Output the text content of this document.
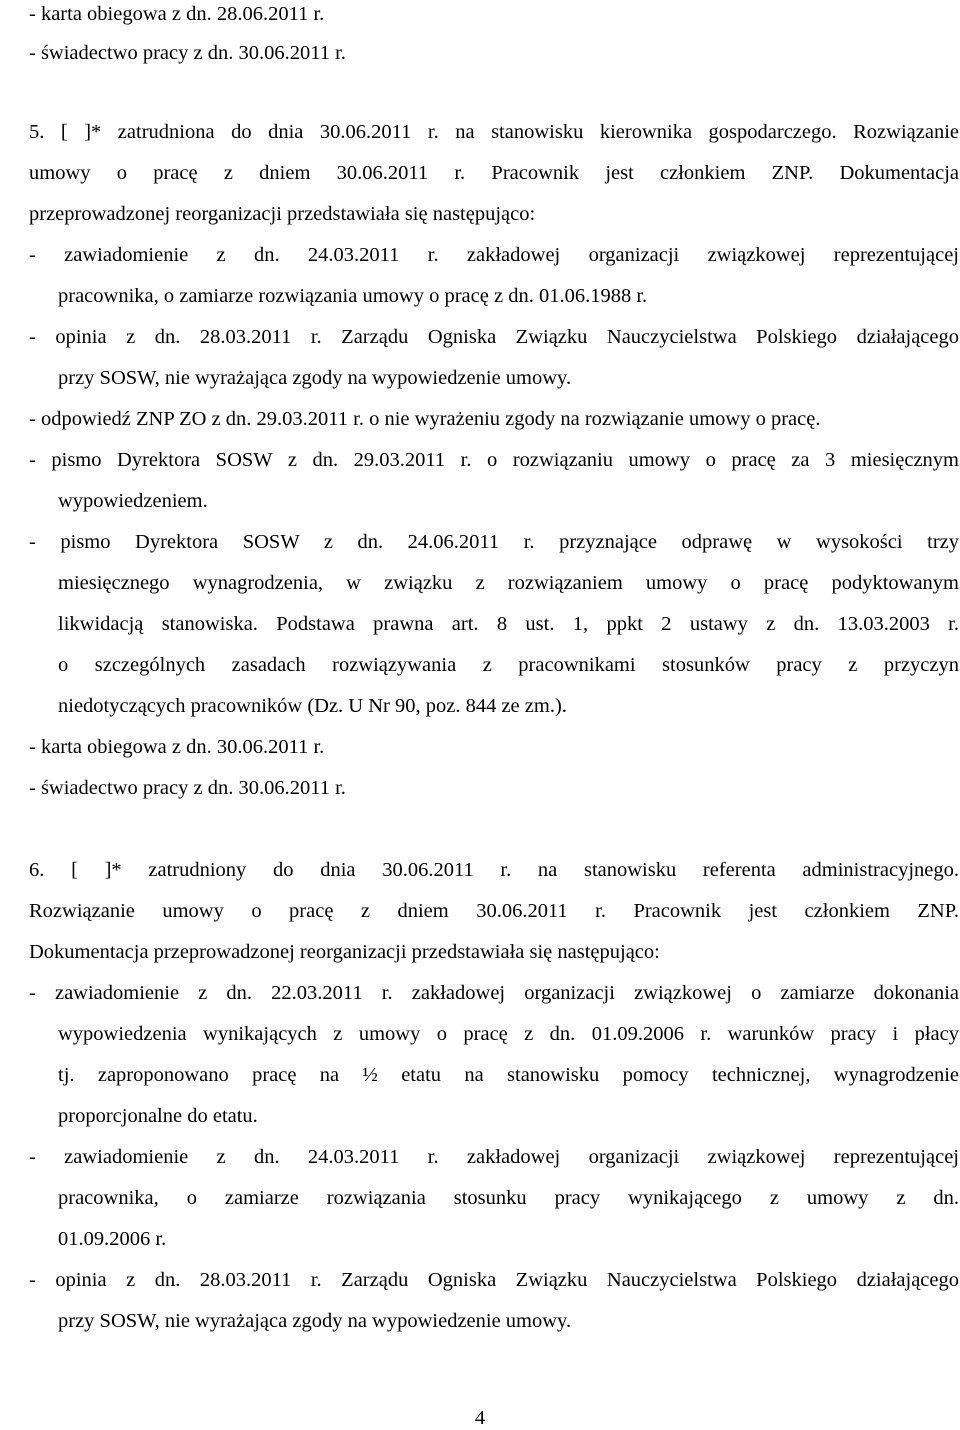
- karta obiegowa z dn. 28.06.2011 r.
- świadectwo pracy z dn. 30.06.2011 r.
5. [ ]* zatrudniona do dnia 30.06.2011 r. na stanowisku kierownika gospodarczego. Rozwiązanie
umowy o pracę z dniem 30.06.2011 r. Pracownik jest członkiem ZNP. Dokumentacja
przeprowadzonej reorganizacji przedstawiała się następująco:
- zawiadomienie z dn. 24.03.2011 r. zakładowej organizacji związkowej reprezentującej
pracownika, o zamiarze rozwiązania umowy o pracę z dn. 01.06.1988 r.
- opinia z dn. 28.03.2011 r. Zarządu Ogniska Związku Nauczycielstwa Polskiego działającego
przy SOSW, nie wyrażająca zgody na wypowiedzenie umowy.
- odpowiedź ZNP ZO z dn. 29.03.2011 r. o nie wyrażeniu zgody na rozwiązanie umowy o pracę.
- pismo Dyrektora SOSW z dn. 29.03.2011 r. o rozwiązaniu umowy o pracę za 3 miesięcznym
wypowiedzeniem.
- pismo Dyrektora SOSW z dn. 24.06.2011 r. przyznające odprawę w wysokości trzy
miesięcznego wynagrodzenia, w związku z rozwiązaniem umowy o pracę podyktowanym
likwidacją stanowiska. Podstawa prawna art. 8 ust. 1, ppkt 2 ustawy z dn. 13.03.2003 r.
o szczególnych zasadach rozwiązywania z pracownikami stosunków pracy z przyczyn
niedotyczących pracowników (Dz. U Nr 90, poz. 844 ze zm.).
- karta obiegowa z dn. 30.06.2011 r.
- świadectwo pracy z dn. 30.06.2011 r.
6. [ ]* zatrudniony do dnia 30.06.2011 r. na stanowisku referenta administracyjnego.
Rozwiązanie umowy o pracę z dniem 30.06.2011 r. Pracownik jest członkiem ZNP.
Dokumentacja przeprowadzonej reorganizacji przedstawiała się następująco:
- zawiadomienie z dn. 22.03.2011 r. zakładowej organizacji związkowej o zamiarze dokonania
wypowiedzenia wynikających z umowy o pracę z dn. 01.09.2006 r. warunków pracy i płacy
tj. zaproponowano pracę na ½ etatu na stanowisku pomocy technicznej, wynagrodzenie
proporcjonalne do etatu.
- zawiadomienie z dn. 24.03.2011 r. zakładowej organizacji związkowej reprezentującej
pracownika, o zamiarze rozwiązania stosunku pracy wynikającego z umowy z dn.
01.09.2006 r.
- opinia z dn. 28.03.2011 r. Zarządu Ogniska Związku Nauczycielstwa Polskiego działającego
przy SOSW, nie wyrażająca zgody na wypowiedzenie umowy.
4
